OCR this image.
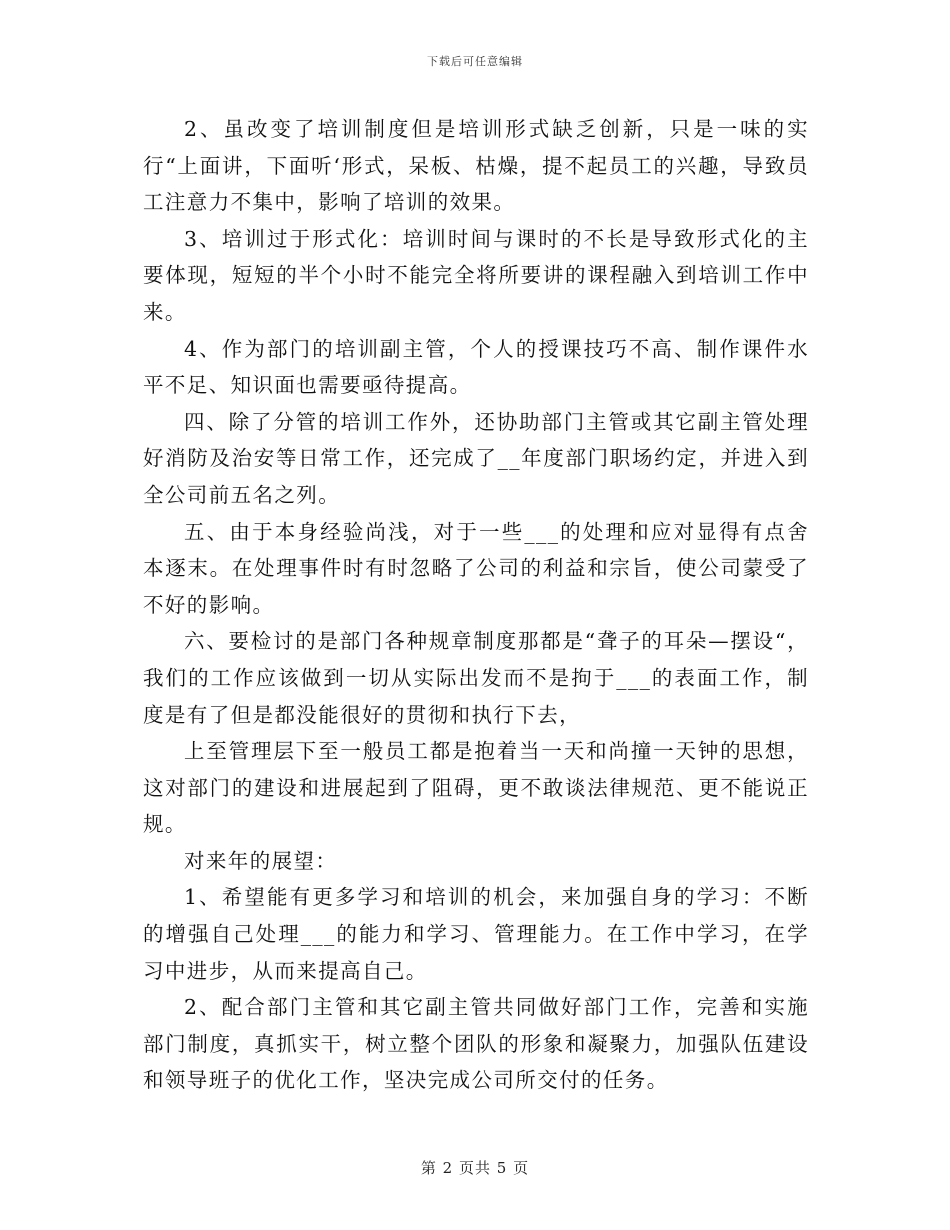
下载后可任意编辑

2、虽改变了培训制度但是培训形式缺乏创新，只是一味的实行“上面讲，下面听‘形式，呆板、枯燥，提不起员工的兴趣，导致员工注意力不集中，影响了培训的效果。

3、培训过于形式化：培训时间与课时的不长是导致形式化的主要体现，短短的半个小时不能完全将所要讲的课程融入到培训工作中来。

4、作为部门的培训副主管，个人的授课技巧不高、制作课件水平不足、知识面也需要亟待提高。

四、除了分管的培训工作外，还协助部门主管或其它副主管处理好消防及治安等日常工作，还完成了__年度部门职场约定，并进入到全公司前五名之列。

五、由于本身经验尚浅，对于一些___的处理和应对显得有点舍本逐末。在处理事件时有时忽略了公司的利益和宗旨，使公司蒙受了不好的影响。

六、要检讨的是部门各种规章制度那都是“聋子的耳朵—摆设“，我们的工作应该做到一切从实际出发而不是拘于___的表面工作，制度是有了但是都没能很好的贯彻和执行下去，

上至管理层下至一般员工都是抱着当一天和尚撞一天钟的思想，这对部门的建设和进展起到了阻碍，更不敢谈法律规范、更不能说正规。

对来年的展望：

1、希望能有更多学习和培训的机会，来加强自身的学习：不断的增强自己处理___的能力和学习、管理能力。在工作中学习，在学习中进步，从而来提高自己。

2、配合部门主管和其它副主管共同做好部门工作，完善和实施部门制度，真抓实干，树立整个团队的形象和凝聚力，加强队伍建设和领导班子的优化工作，坚决完成公司所交付的任务。

第 2 页共 5 页
